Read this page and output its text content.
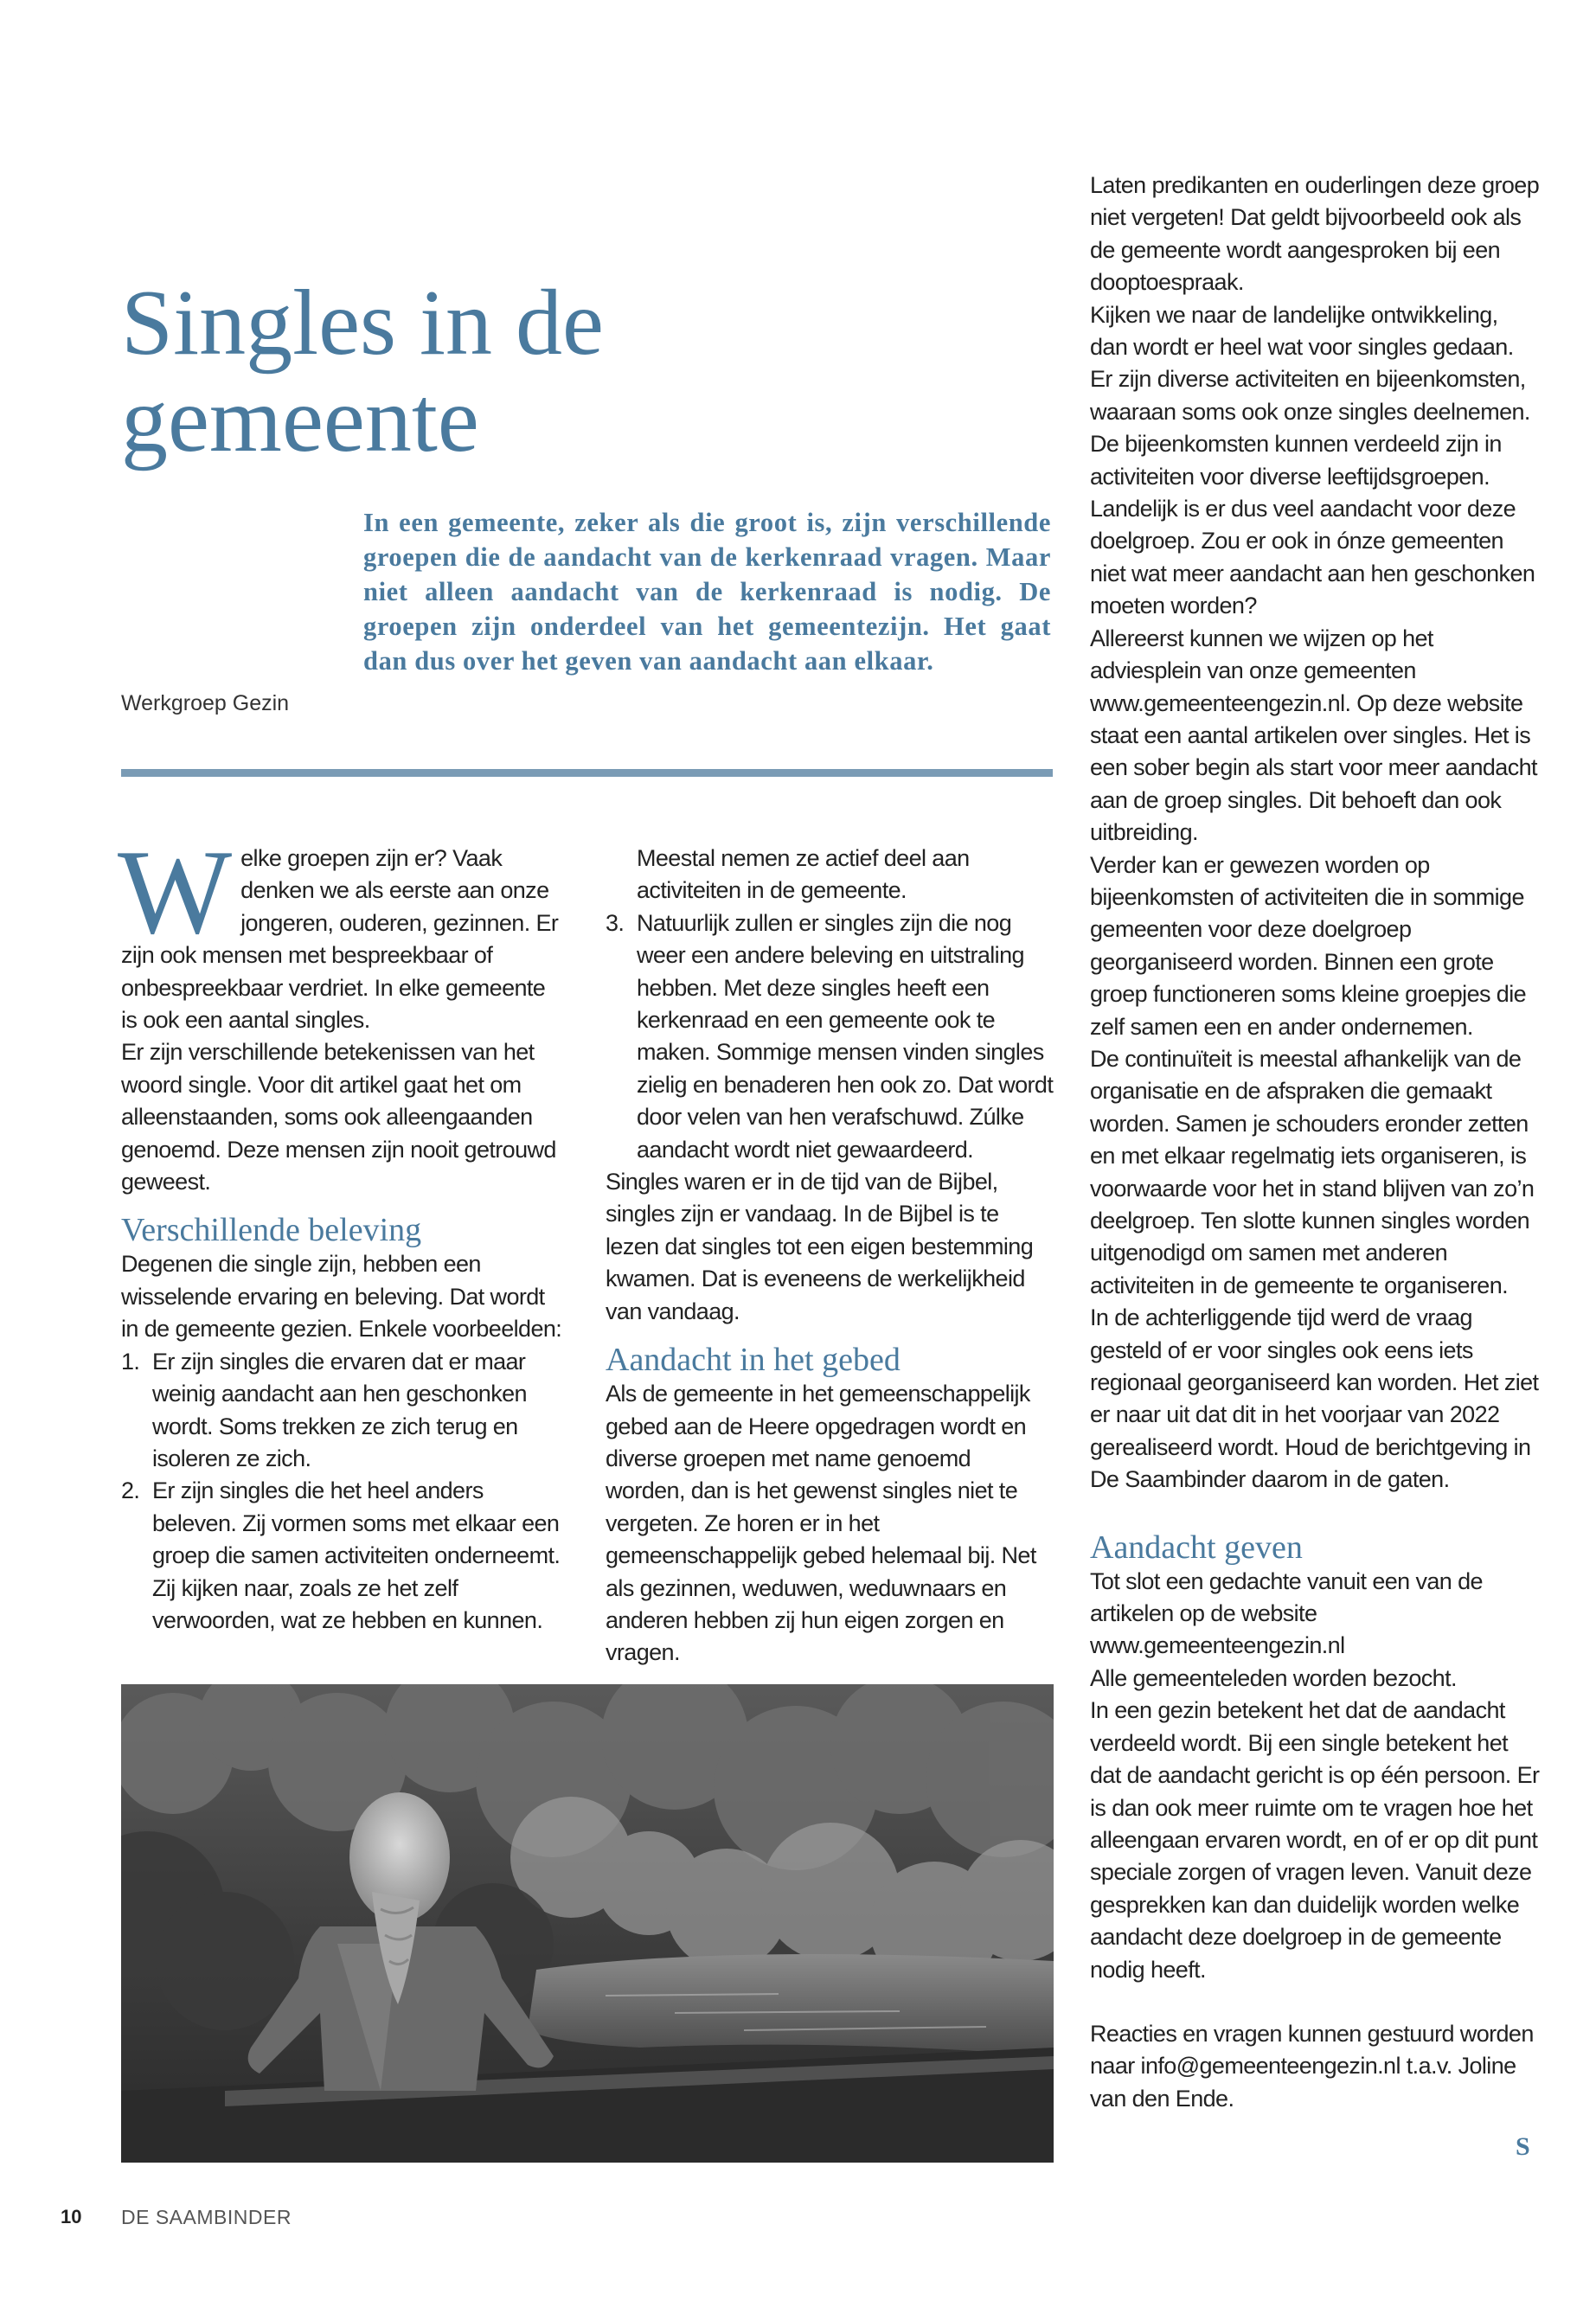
Singles in de
gemeente

Werkgroep Gezin

In een gemeente, zeker als die groot is, zijn verschillende groepen die de aandacht van de kerkenraad vragen. Maar niet alleen aandacht van de kerkenraad is nodig. De groepen zijn onderdeel van het gemeentezijn. Het gaat dan dus over het geven van aandacht aan elkaar.

Welke groepen zijn er? Vaak denken we als eerste aan onze jongeren, ouderen, gezinnen. Er zijn ook mensen met bespreekbaar of onbespreekbaar verdriet. In elke gemeente is ook een aantal singles.

Er zijn verschillende betekenissen van het woord single. Voor dit artikel gaat het om alleenstaanden, soms ook alleengaanden genoemd. Deze mensen zijn nooit getrouwd geweest.

Verschillende beleving

Degenen die single zijn, hebben een wisselende ervaring en beleving. Dat wordt in de gemeente gezien. Enkele voorbeelden:

1. Er zijn singles die ervaren dat er maar weinig aandacht aan hen geschonken wordt. Soms trekken ze zich terug en isoleren ze zich.
2. Er zijn singles die het heel anders beleven. Zij vormen soms met elkaar een groep die samen activiteiten onderneemt. Zij kijken naar, zoals ze het zelf verwoorden, wat ze hebben en kunnen.

Meestal nemen ze actief deel aan activiteiten in de gemeente.

3. Natuurlijk zullen er singles zijn die nog weer een andere beleving en uitstraling hebben. Met deze singles heeft een kerkenraad en een gemeente ook te maken. Sommige mensen vinden singles zielig en benaderen hen ook zo. Dat wordt door velen van hen verafschuwd. Zúlke aandacht wordt niet gewaardeerd.

Singles waren er in de tijd van de Bijbel, singles zijn er vandaag. In de Bijbel is te lezen dat singles tot een eigen bestemming kwamen. Dat is eveneens de werkelijkheid van vandaag.

Aandacht in het gebed

Als de gemeente in het gemeenschappelijk gebed aan de Heere opgedragen wordt en diverse groepen met name genoemd worden, dan is het gewenst singles niet te vergeten. Ze horen er in het gemeenschappelijk gebed helemaal bij. Net als gezinnen, weduwen, weduwnaars en anderen hebben zij hun eigen zorgen en vragen.

Laten predikanten en ouderlingen deze groep niet vergeten! Dat geldt bijvoorbeeld ook als de gemeente wordt aangesproken bij een dooptoespraak.

Kijken we naar de landelijke ontwikkeling, dan wordt er heel wat voor singles gedaan. Er zijn diverse activiteiten en bijeenkomsten, waaraan soms ook onze singles deelnemen. De bijeenkomsten kunnen verdeeld zijn in activiteiten voor diverse leeftijdsgroepen. Landelijk is er dus veel aandacht voor deze doelgroep. Zou er ook in ónze gemeenten niet wat meer aandacht aan hen geschonken moeten worden?

Allereerst kunnen we wijzen op het adviesplein van onze gemeenten www.gemeenteengezin.nl. Op deze website staat een aantal artikelen over singles. Het is een sober begin als start voor meer aandacht aan de groep singles. Dit behoeft dan ook uitbreiding.

Verder kan er gewezen worden op bijeenkomsten of activiteiten die in sommige gemeenten voor deze doelgroep georganiseerd worden. Binnen een grote groep functioneren soms kleine groepjes die zelf samen een en ander ondernemen.

De continuïteit is meestal afhankelijk van de organisatie en de afspraken die gemaakt worden. Samen je schouders eronder zetten en met elkaar regelmatig iets organiseren, is voorwaarde voor het in stand blijven van zo’n deelgroep. Ten slotte kunnen singles worden uitgenodigd om samen met anderen activiteiten in de gemeente te organiseren.

In de achterliggende tijd werd de vraag gesteld of er voor singles ook eens iets regionaal georganiseerd kan worden. Het ziet er naar uit dat dit in het voorjaar van 2022 gerealiseerd wordt. Houd de berichtgeving in De Saambinder daarom in de gaten.

Aandacht geven

Tot slot een gedachte vanuit een van de artikelen op de website www.gemeenteengezin.nl

Alle gemeenteleden worden bezocht.

In een gezin betekent het dat de aandacht verdeeld wordt. Bij een single betekent het dat de aandacht gericht is op één persoon. Er is dan ook meer ruimte om te vragen hoe het alleengaan ervaren wordt, en of er op dit punt speciale zorgen of vragen leven. Vanuit deze gesprekken kan dan duidelijk worden welke aandacht deze doelgroep in de gemeente nodig heeft.

Reacties en vragen kunnen gestuurd worden naar info@gemeenteengezin.nl t.a.v. Joline van den Ende.

10 DE SAAMBINDER

S
